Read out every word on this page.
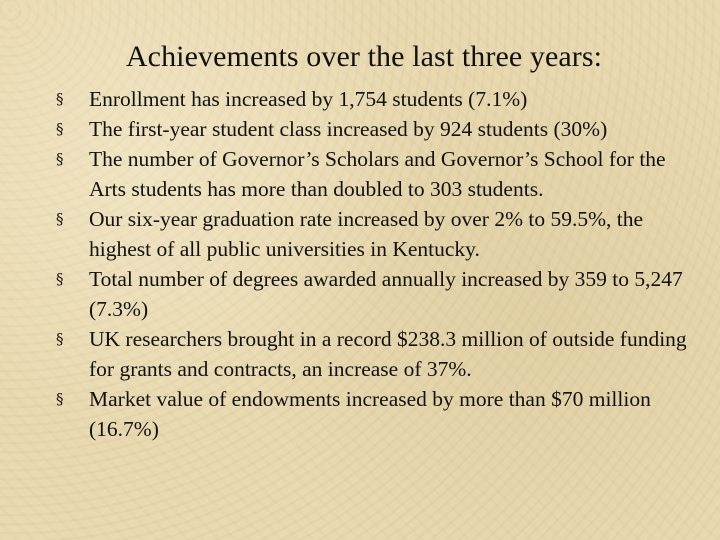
Achievements over the last three years:
§ Enrollment has increased by 1,754 students (7.1%)
§ The first-year student class increased by 924 students (30%)
§ The number of Governor’s Scholars and Governor’s School for the Arts students has more than doubled to 303 students.
§ Our six-year graduation rate increased by over 2% to 59.5%, the highest of all public universities in Kentucky.
§ Total number of degrees awarded annually increased by 359 to 5,247 (7.3%)
§ UK researchers brought in a record $238.3 million of outside funding for grants and contracts, an increase of 37%.
§ Market value of endowments increased by more than $70 million (16.7%)
